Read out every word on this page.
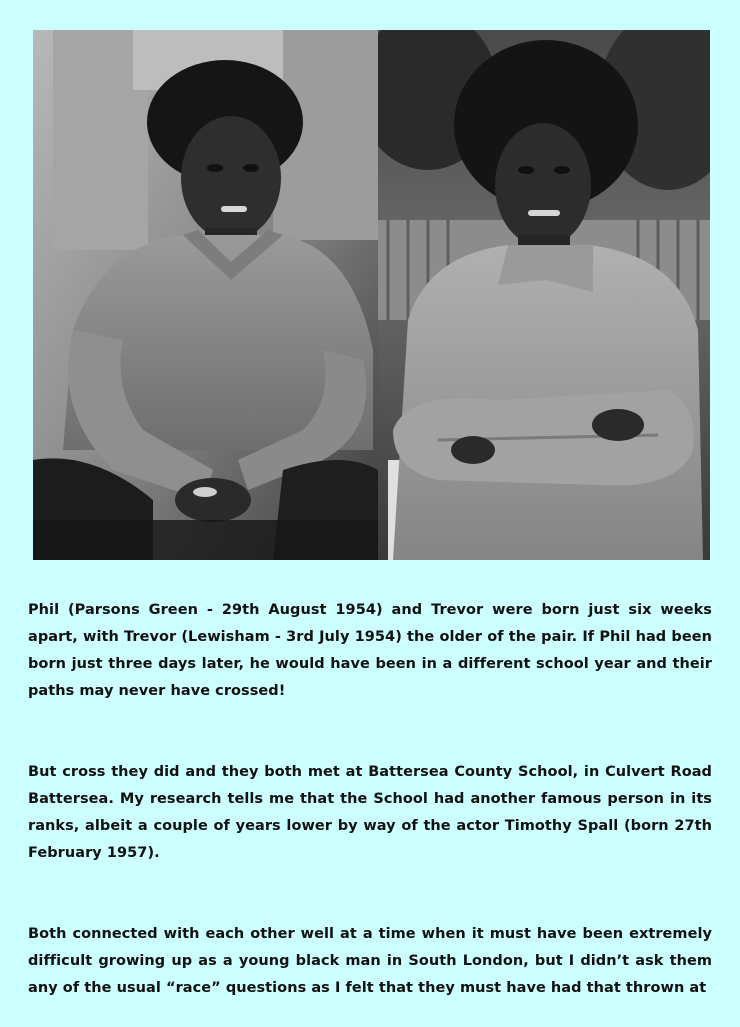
Phil (Parsons Green - 29th August 1954) and Trevor were born just six weeks apart, with Trevor (Lewisham - 3rd July 1954) the older of the pair. If Phil had been born just three days later, he would have been in a different school year and their paths may never have crossed!

But cross they did and they both met at Battersea County School, in Culvert Road Battersea. My research tells me that the School had another famous person in its ranks, albeit a couple of years lower by way of the actor Timothy Spall (born 27th February 1957).

Both connected with each other well at a time when it must have been extremely difficult growing up as a young black man in South London, but I didn’t ask them any of the usual “race” questions as I felt that they must have had that thrown at
